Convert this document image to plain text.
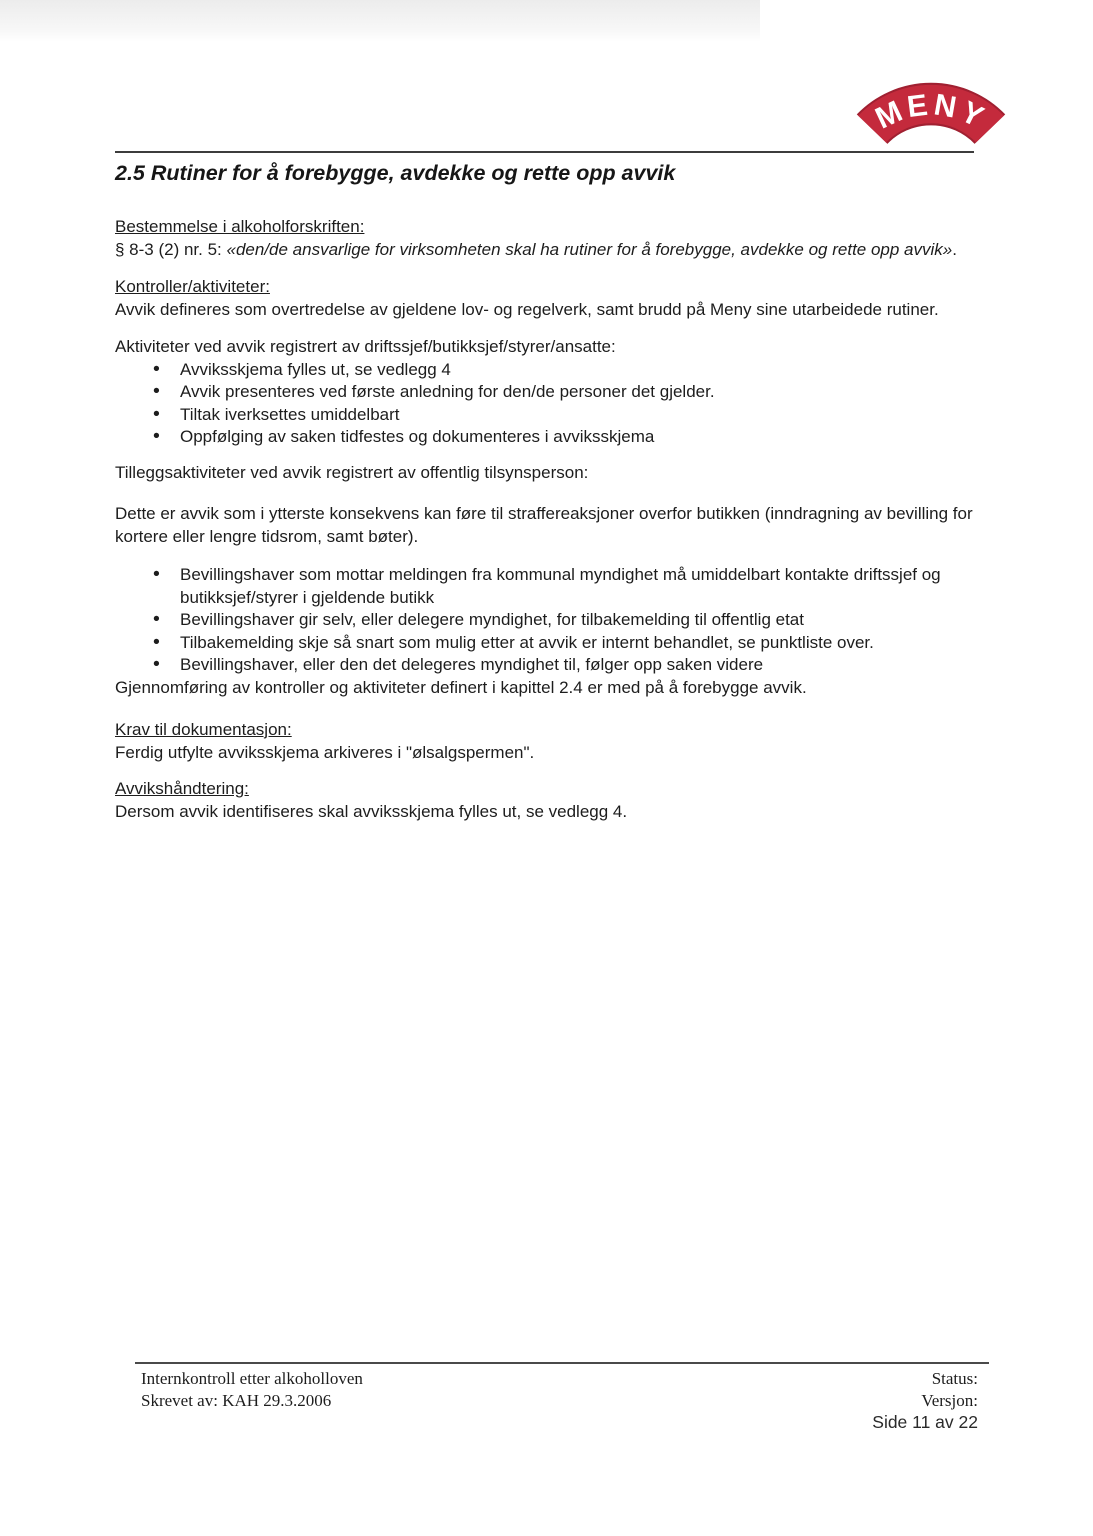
MENY
2.5 Rutiner for å forebygge, avdekke og rette opp avvik

Bestemmelse i alkoholforskriften:
§ 8-3 (2) nr. 5: «den/de ansvarlige for virksomheten skal ha rutiner for å forebygge, avdekke og rette opp avvik».

Kontroller/aktiviteter:
Avvik defineres som overtredelse av gjeldene lov- og regelverk, samt brudd på Meny sine utarbeidede rutiner.

Aktiviteter ved avvik registrert av driftssjef/butikksjef/styrer/ansatte:
• Avviksskjema fylles ut, se vedlegg 4
• Avvik presenteres ved første anledning for den/de personer det gjelder.
• Tiltak iverksettes umiddelbart
• Oppfølging av saken tidfestes og dokumenteres i avviksskjema

Tilleggsaktiviteter ved avvik registrert av offentlig tilsynsperson:

Dette er avvik som i ytterste konsekvens kan føre til straffereaksjoner overfor butikken (inndragning av bevilling for kortere eller lengre tidsrom, samt bøter).

• Bevillingshaver som mottar meldingen fra kommunal myndighet må umiddelbart kontakte driftssjef og butikksjef/styrer i gjeldende butikk
• Bevillingshaver gir selv, eller delegere myndighet, for tilbakemelding til offentlig etat
• Tilbakemelding skje så snart som mulig etter at avvik er internt behandlet, se punktliste over.
• Bevillingshaver, eller den det delegeres myndighet til, følger opp saken videre

Gjennomføring av kontroller og aktiviteter definert i kapittel 2.4 er med på å forebygge avvik.

Krav til dokumentasjon:
Ferdig utfylte avviksskjema arkiveres i "ølsalgspermen".

Avvikshåndtering:
Dersom avvik identifiseres skal avviksskjema fylles ut, se vedlegg 4.

Internkontroll etter alkoholloven
Skrevet av: KAH 29.3.2006
Status:
Versjon:
Side 11 av 22
